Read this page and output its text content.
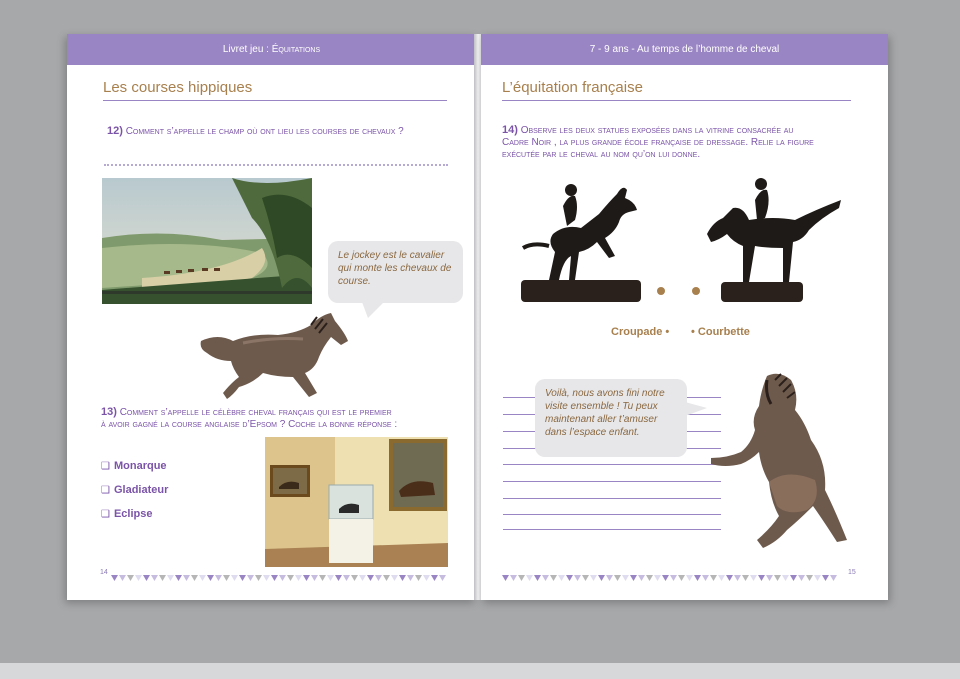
Livret jeu : Équitations
Les courses hippiques
12) Comment s’appelle le champ où ont lieu les courses de chevaux ?
Le jockey est le cavalier qui monte les chevaux de course.
13) Comment s’appelle le célèbre cheval français qui est le premier
à avoir gagné la course anglaise d’Epsom ? Coche la bonne réponse :
❑ Monarque
❑ Gladiateur
❑ Eclipse
14
7 - 9 ans - Au temps de l’homme de cheval
L’équitation française
14) Observe les deux statues exposées dans la vitrine consacrée au
Cadre Noir , la plus grande école française de dressage. Relie la figure
exécutée par le cheval au nom qu’on lui donne.
Croupade • • Courbette
Voilà, nous avons fini notre visite ensemble ! Tu peux maintenant aller t’amuser dans l’espace enfant.
15
